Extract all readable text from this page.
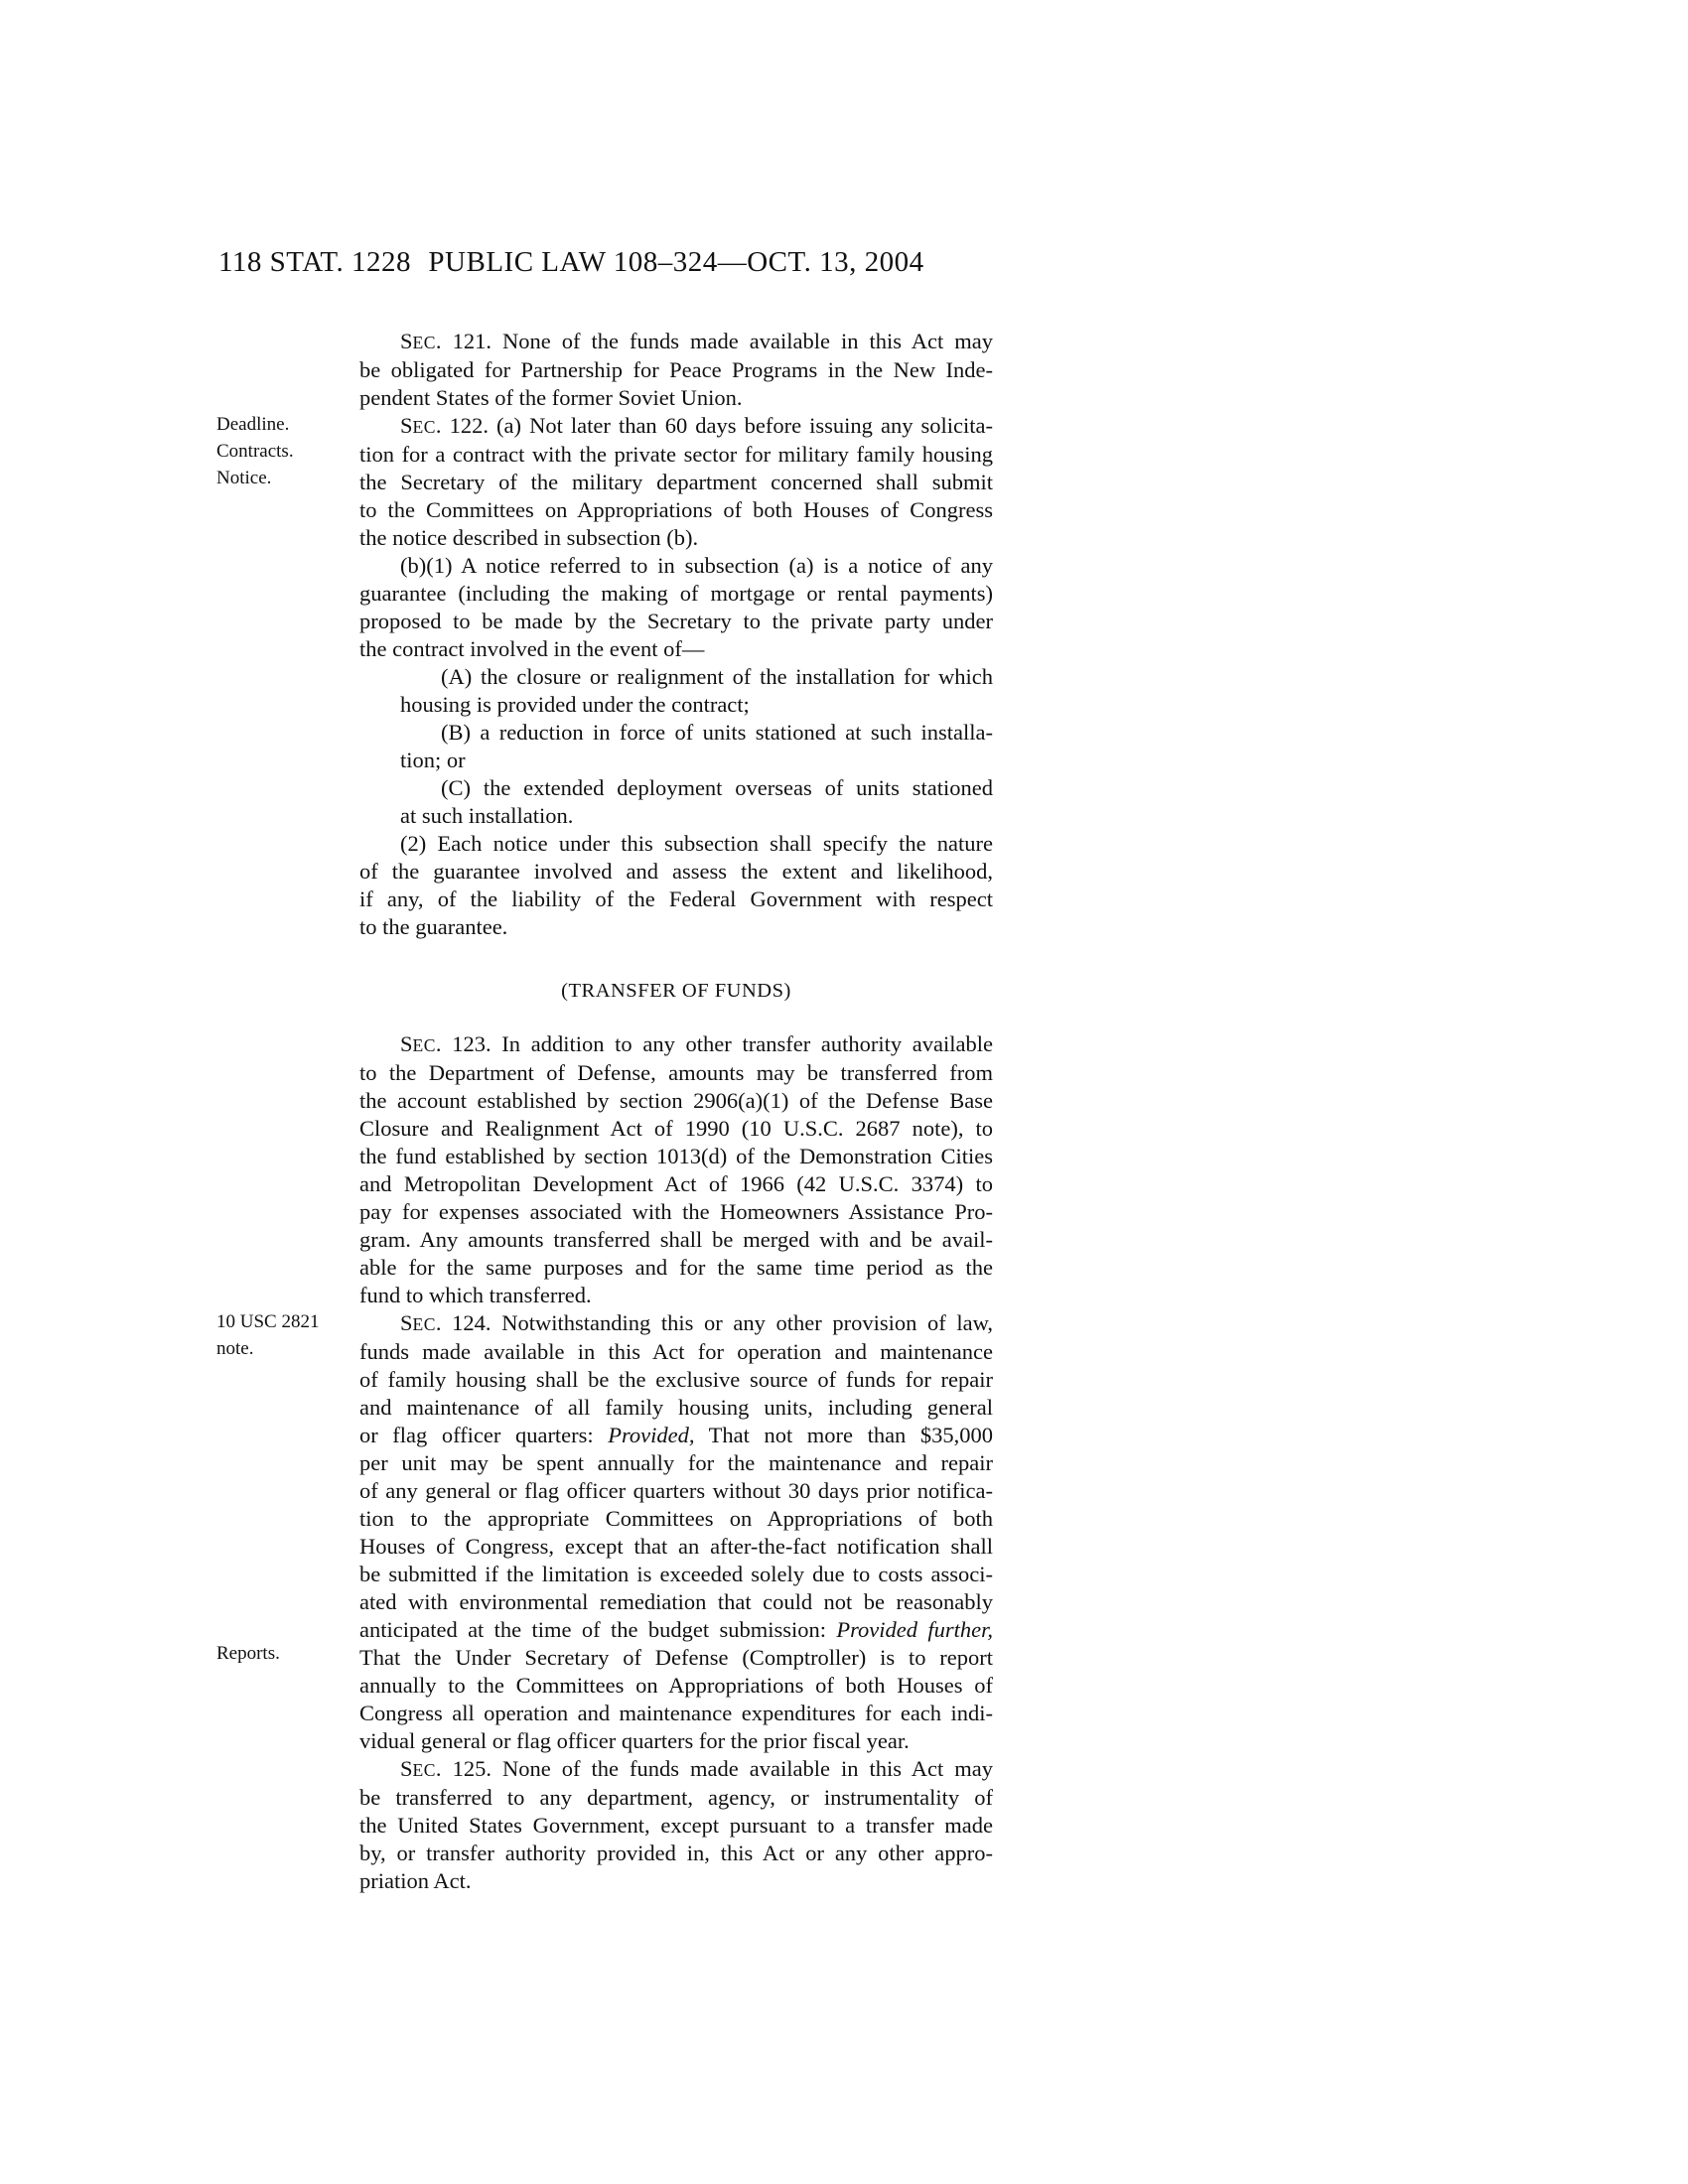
118 STAT. 1228 PUBLIC LAW 108–324—OCT. 13, 2004
Deadline.
Contracts.
Notice.
10 USC 2821
note.
Reports.
SEC. 121. None of the funds made available in this Act may
be obligated for Partnership for Peace Programs in the New Inde-
pendent States of the former Soviet Union.
SEC. 122. (a) Not later than 60 days before issuing any solicita-
tion for a contract with the private sector for military family housing
the Secretary of the military department concerned shall submit
to the Committees on Appropriations of both Houses of Congress
the notice described in subsection (b).
(b)(1) A notice referred to in subsection (a) is a notice of any
guarantee (including the making of mortgage or rental payments)
proposed to be made by the Secretary to the private party under
the contract involved in the event of—
(A) the closure or realignment of the installation for which
housing is provided under the contract;
(B) a reduction in force of units stationed at such installa-
tion; or
(C) the extended deployment overseas of units stationed
at such installation.
(2) Each notice under this subsection shall specify the nature
of the guarantee involved and assess the extent and likelihood,
if any, of the liability of the Federal Government with respect
to the guarantee.
(TRANSFER OF FUNDS)
SEC. 123. In addition to any other transfer authority available
to the Department of Defense, amounts may be transferred from
the account established by section 2906(a)(1) of the Defense Base
Closure and Realignment Act of 1990 (10 U.S.C. 2687 note), to
the fund established by section 1013(d) of the Demonstration Cities
and Metropolitan Development Act of 1966 (42 U.S.C. 3374) to
pay for expenses associated with the Homeowners Assistance Pro-
gram. Any amounts transferred shall be merged with and be avail-
able for the same purposes and for the same time period as the
fund to which transferred.
SEC. 124. Notwithstanding this or any other provision of law,
funds made available in this Act for operation and maintenance
of family housing shall be the exclusive source of funds for repair
and maintenance of all family housing units, including general
or flag officer quarters: Provided, That not more than $35,000
per unit may be spent annually for the maintenance and repair
of any general or flag officer quarters without 30 days prior notifica-
tion to the appropriate Committees on Appropriations of both
Houses of Congress, except that an after-the-fact notification shall
be submitted if the limitation is exceeded solely due to costs associ-
ated with environmental remediation that could not be reasonably
anticipated at the time of the budget submission: Provided further,
That the Under Secretary of Defense (Comptroller) is to report
annually to the Committees on Appropriations of both Houses of
Congress all operation and maintenance expenditures for each indi-
vidual general or flag officer quarters for the prior fiscal year.
SEC. 125. None of the funds made available in this Act may
be transferred to any department, agency, or instrumentality of
the United States Government, except pursuant to a transfer made
by, or transfer authority provided in, this Act or any other appro-
priation Act.
